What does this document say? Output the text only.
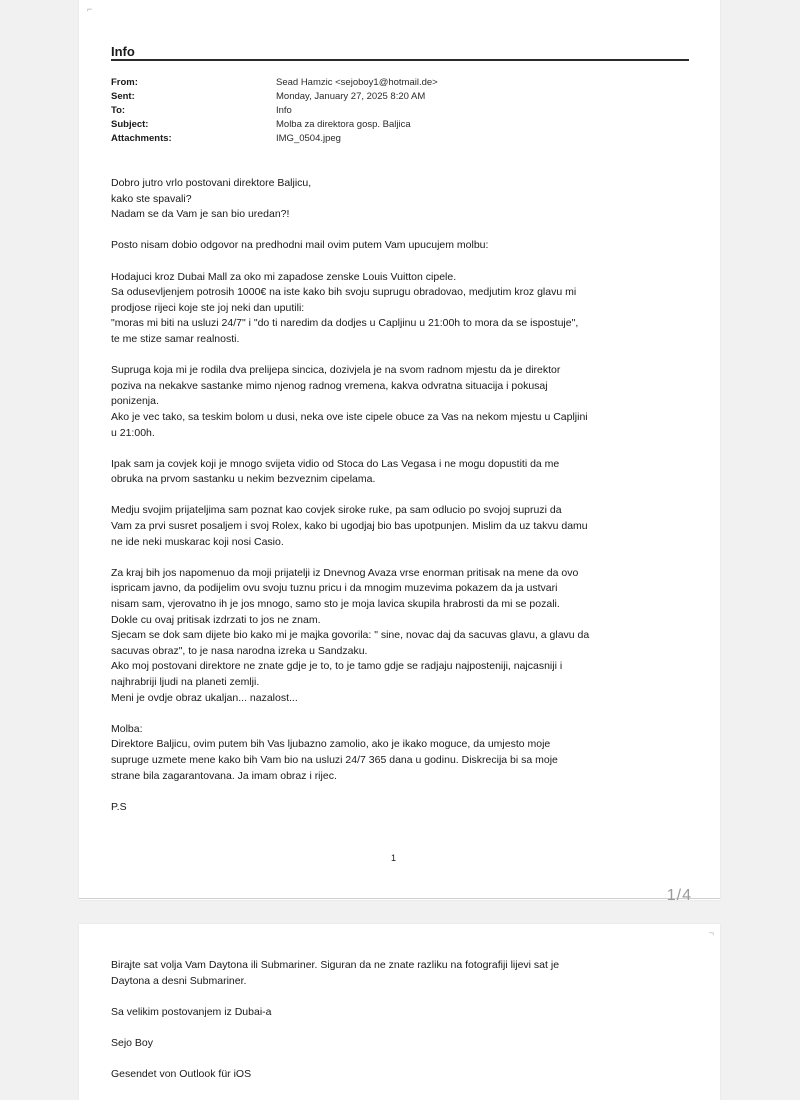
⌐
Info
From:	Sead Hamzic <sejoboy1@hotmail.de>
Sent:	Monday, January 27, 2025 8:20 AM
To:	Info
Subject:	Molba za direktora gosp. Baljica
Attachments:	IMG_0504.jpeg

Dobro jutro vrlo postovani direktore Baljicu,
kako ste spavali?
Nadam se da Vam je san bio uredan?!

Posto nisam dobio odgovor na predhodni mail ovim putem Vam upucujem molbu:

Hodajuci kroz Dubai Mall za oko mi zapadose zenske Louis Vuitton cipele.
Sa odusevljenjem potrosih 1000€ na iste kako bih svoju suprugu obradovao, medjutim kroz glavu mi
prodjose rijeci koje ste joj neki dan uputili:
"moras mi biti na usluzi 24/7" i "do ti naredim da dodjes u Capljinu u 21:00h to mora da se ispostuje",
te me stize samar realnosti.

Supruga koja mi je rodila dva prelijepa sincica, dozivjela je na svom radnom mjestu da je direktor
poziva na nekakve sastanke mimo njenog radnog vremena, kakva odvratna situacija i pokusaj
ponizenja.
Ako je vec tako, sa teskim bolom u dusi, neka ove iste cipele obuce za Vas na nekom mjestu u Capljini
u 21:00h.

Ipak sam ja covjek koji je mnogo svijeta vidio od Stoca do Las Vegasa i ne mogu dopustiti da me
obruka na prvom sastanku u nekim bezveznim cipelama.

Medju svojim prijateljima sam poznat kao covjek siroke ruke, pa sam odlucio po svojoj supruzi da
Vam za prvi susret posaljem i svoj Rolex, kako bi ugodjaj bio bas upotpunjen. Mislim da uz takvu damu
ne ide neki muskarac koji nosi Casio.

Za kraj bih jos napomenuo da moji prijatelji iz Dnevnog Avaza vrse enorman pritisak na mene da ovo
ispricam javno, da podijelim ovu svoju tuznu pricu i da mnogim muzevima pokazem da ja ustvari
nisam sam, vjerovatno ih je jos mnogo, samo sto je moja lavica skupila hrabrosti da mi se pozali.
Dokle cu ovaj pritisak izdrzati to jos ne znam.
Sjecam se dok sam dijete bio kako mi je majka govorila: " sine, novac daj da sacuvas glavu, a glavu da
sacuvas obraz", to je nasa narodna izreka u Sandzaku.
Ako moj postovani direktore ne znate gdje je to, to je tamo gdje se radjaju najposteniji, najcasniji i
najhrabriji ljudi na planeti zemlji.
Meni je ovdje obraz ukaljan... nazalost...

Molba:
Direktore Baljicu, ovim putem bih Vas ljubazno zamolio, ako je ikako moguce, da umjesto moje
supruge uzmete mene kako bih Vam bio na usluzi 24/7 365 dana u godinu. Diskrecija bi sa moje
strane bila zagarantovana. Ja imam obraz i rijec.

P.S

1
1/4
¬

Birajte sat volja Vam Daytona ili Submariner. Siguran da ne znate razliku na fotografiji lijevi sat je
Daytona a desni Submariner.

Sa velikim postovanjem iz Dubai-a

Sejo Boy

Gesendet von Outlook für iOS
